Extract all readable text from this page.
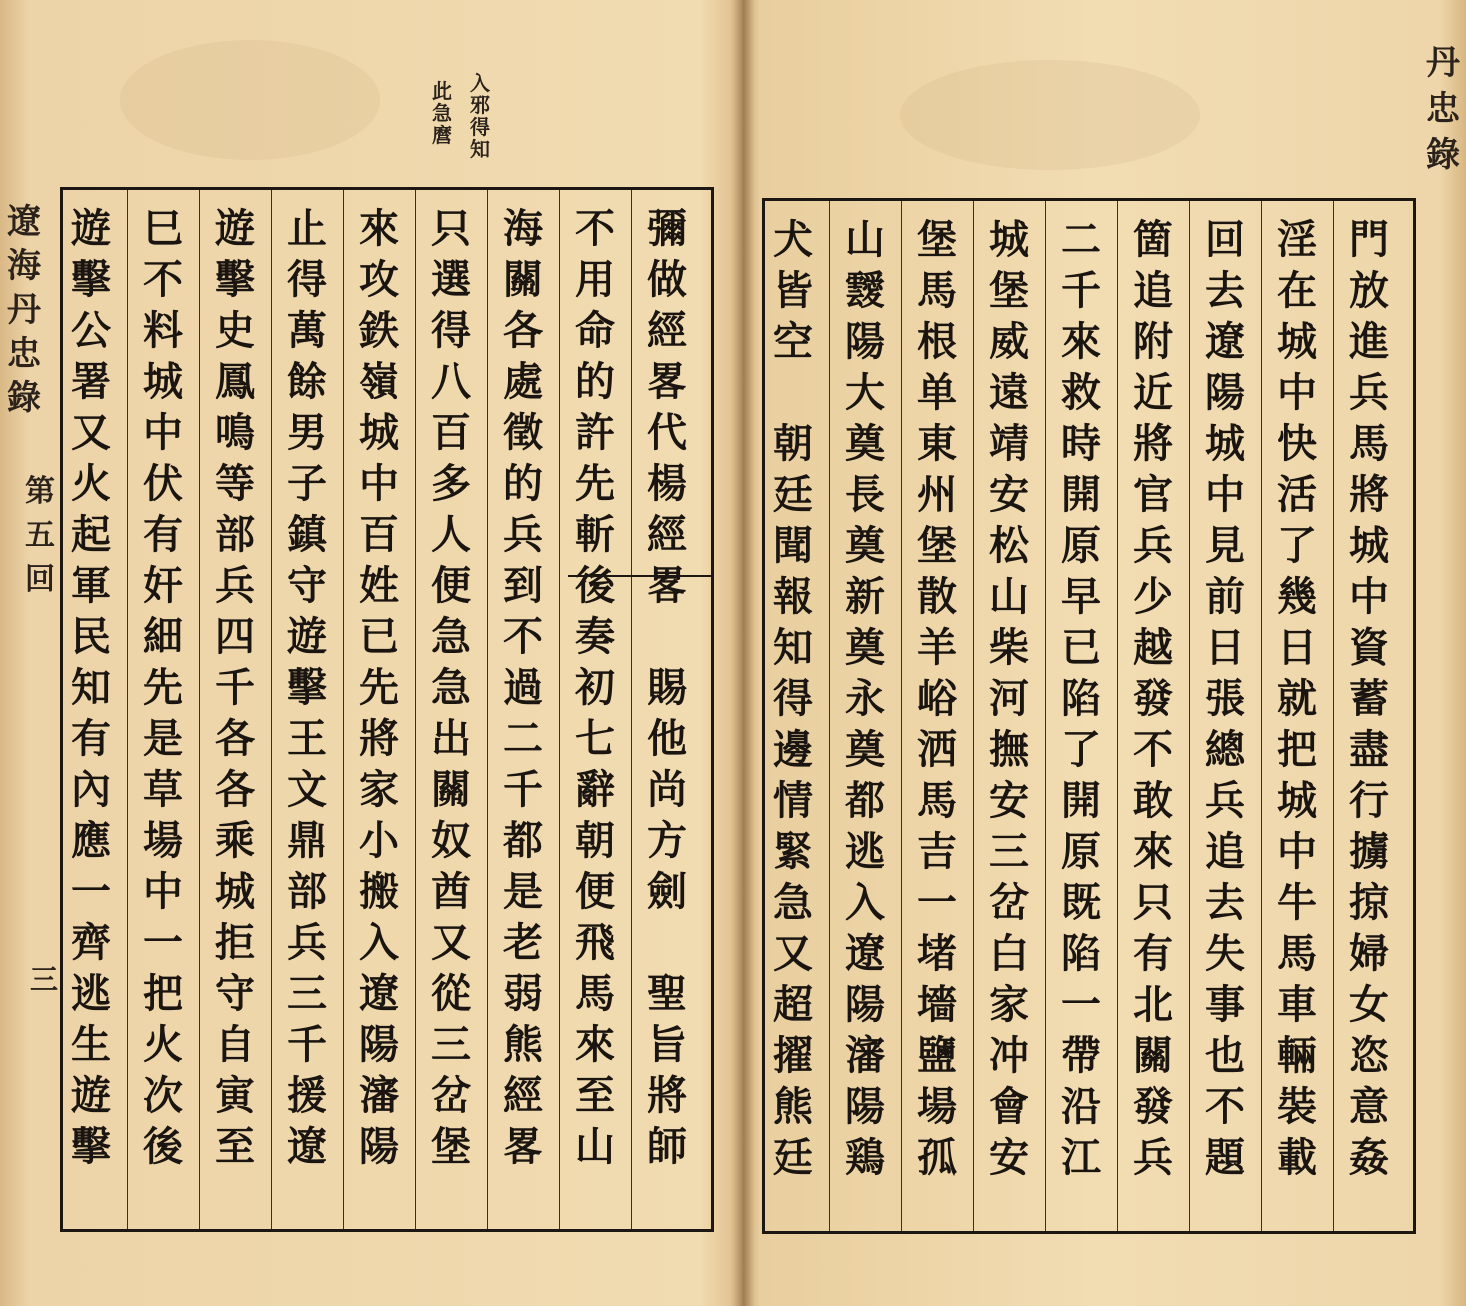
入
邪
得
知
此
急
麿
遼
海
丹
忠
錄
第
五
回
三
彌
做
經
畧
代
楊
經
畧
賜
他
尚
方
劍
聖
旨
將
師
不
用
命
的
許
先
斬
後
奏
初
七
辭
朝
便
飛
馬
來
至
山
海
關
各
處
徵
的
兵
到
不
過
二
千
都
是
老
弱
熊
經
畧
只
選
得
八
百
多
人
便
急
急
出
關
奴
酋
又
從
三
岔
堡
來
攻
鉄
嶺
城
中
百
姓
已
先
將
家
小
搬
入
遼
陽
瀋
陽
止
得
萬
餘
男
子
鎮
守
遊
擊
王
文
鼎
部
兵
三
千
援
遼
遊
擊
史
鳳
鳴
等
部
兵
四
千
各
各
乘
城
拒
守
自
寅
至
巳
不
料
城
中
伏
有
奸
細
先
是
草
場
中
一
把
火
次
後
遊
擊
公
署
又
火
起
軍
民
知
有
內
應
一
齊
逃
生
遊
擊
門
放
進
兵
馬
將
城
中
資
蓄
盡
行
擄
掠
婦
女
恣
意
姦
淫
在
城
中
快
活
了
幾
日
就
把
城
中
牛
馬
車
輛
裝
載
回
去
遼
陽
城
中
見
前
日
張
總
兵
追
去
失
事
也
不
題
箇
追
附
近
將
官
兵
少
越
發
不
敢
來
只
有
北
關
發
兵
二
千
來
救
時
開
原
早
已
陷
了
開
原
既
陷
一
帶
沿
江
城
堡
威
遠
靖
安
松
山
柴
河
撫
安
三
岔
白
家
冲
會
安
堡
馬
根
单
東
州
堡
散
羊
峪
洒
馬
吉
一
堵
墻
鹽
場
孤
山
靉
陽
大
奠
長
奠
新
奠
永
奠
都
逃
入
遼
陽
瀋
陽
鶏
犬
皆
空
朝
廷
聞
報
知
得
邊
情
緊
急
又
超
擢
熊
廷
丹
忠
錄
